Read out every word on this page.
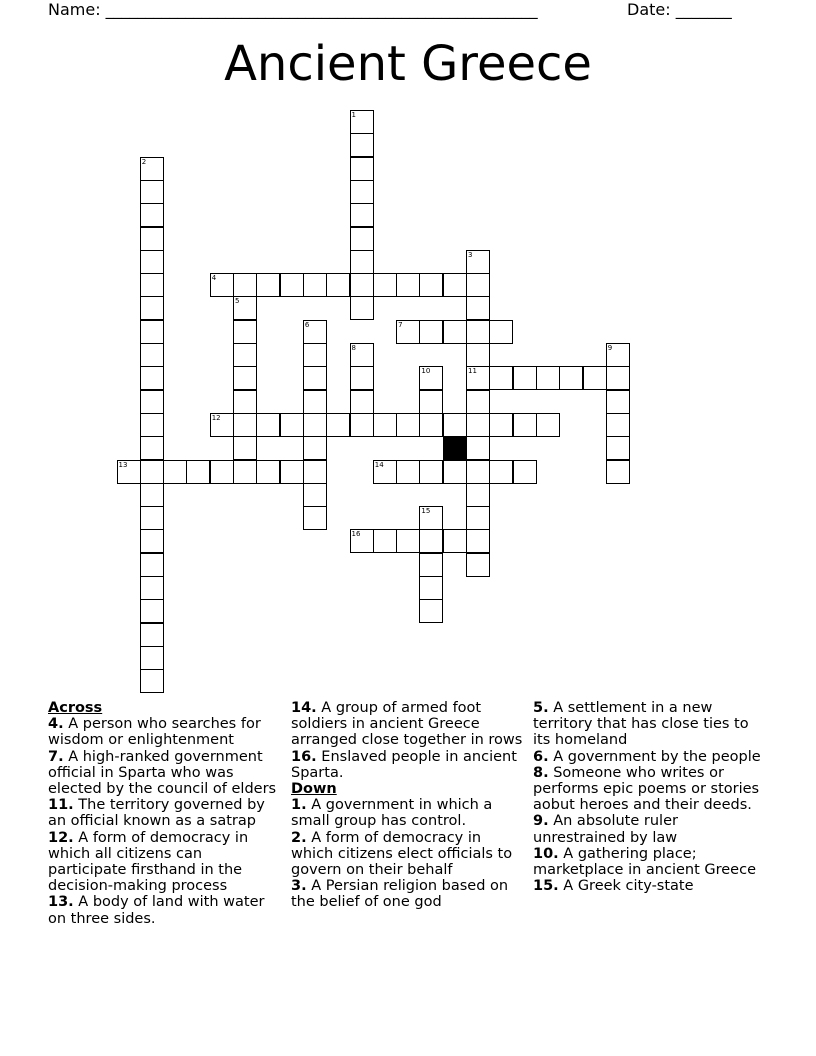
Name: ______________________________________________________	Date: _______
Ancient Greece
4
7
11
12
13	14
16
1
2
3
5
6
8	9
10
15
Across
4. A person who searches for wisdom or enlightenment
7. A high-ranked government official in Sparta who was elected by the council of elders
11. The territory governed by an official known as a satrap
12. A form of democracy in which all citizens can participate firsthand in the decision-making process
13. A body of land with water on three sides.
14. A group of armed foot soldiers in ancient Greece arranged close together in rows
16. Enslaved people in ancient Sparta.
Down
1. A government in which a small group has control.
2. A form of democracy in which citizens elect officials to govern on their behalf
3. A Persian religion based on the belief of one god
5. A settlement in a new territory that has close ties to its homeland
6. A government by the people
8. Someone who writes or performs epic poems or stories aobut heroes and their deeds.
9. An absolute ruler unrestrained by law
10. A gathering place; marketplace in ancient Greece
15. A Greek city-state
